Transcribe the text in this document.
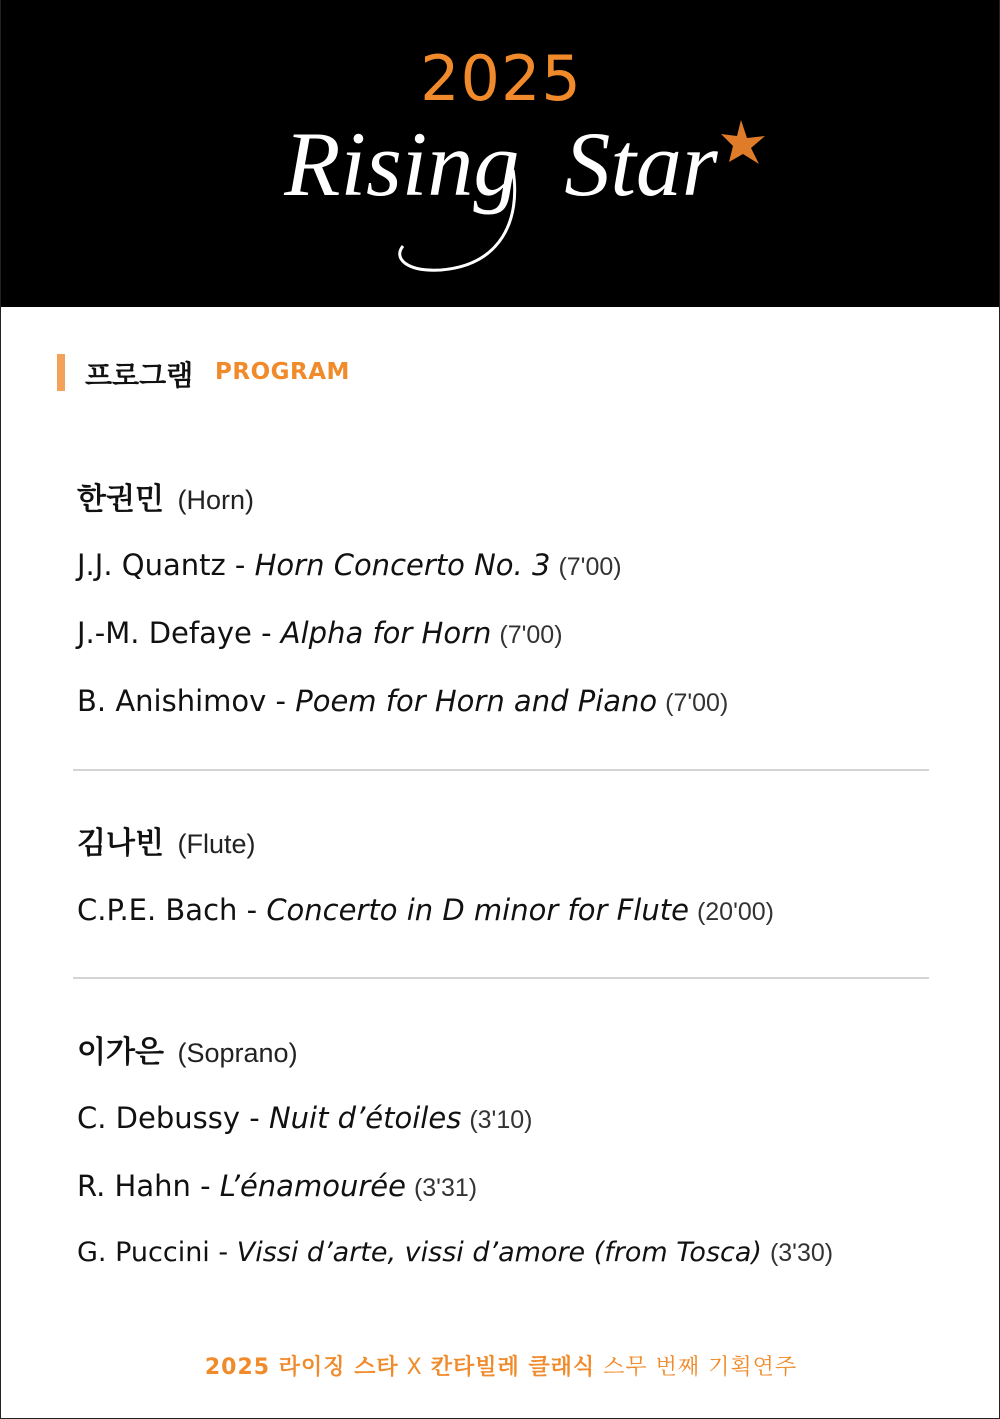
2025
Rising Star
프로그램 PROGRAM
한권민 (Horn)
J.J. Quantz - Horn Concerto No. 3 (7'00)
J.-M. Defaye - Alpha for Horn (7'00)
B. Anishimov - Poem for Horn and Piano (7'00)
김나빈 (Flute)
C.P.E. Bach - Concerto in D minor for Flute (20'00)
이가은 (Soprano)
C. Debussy - Nuit d’étoiles (3'10)
R. Hahn - L’énamourée (3'31)
G. Puccini - Vissi d’arte, vissi d’amore (from Tosca) (3'30)
2025 라이징 스타 X 칸타빌레 클래식 스무 번째 기획연주
